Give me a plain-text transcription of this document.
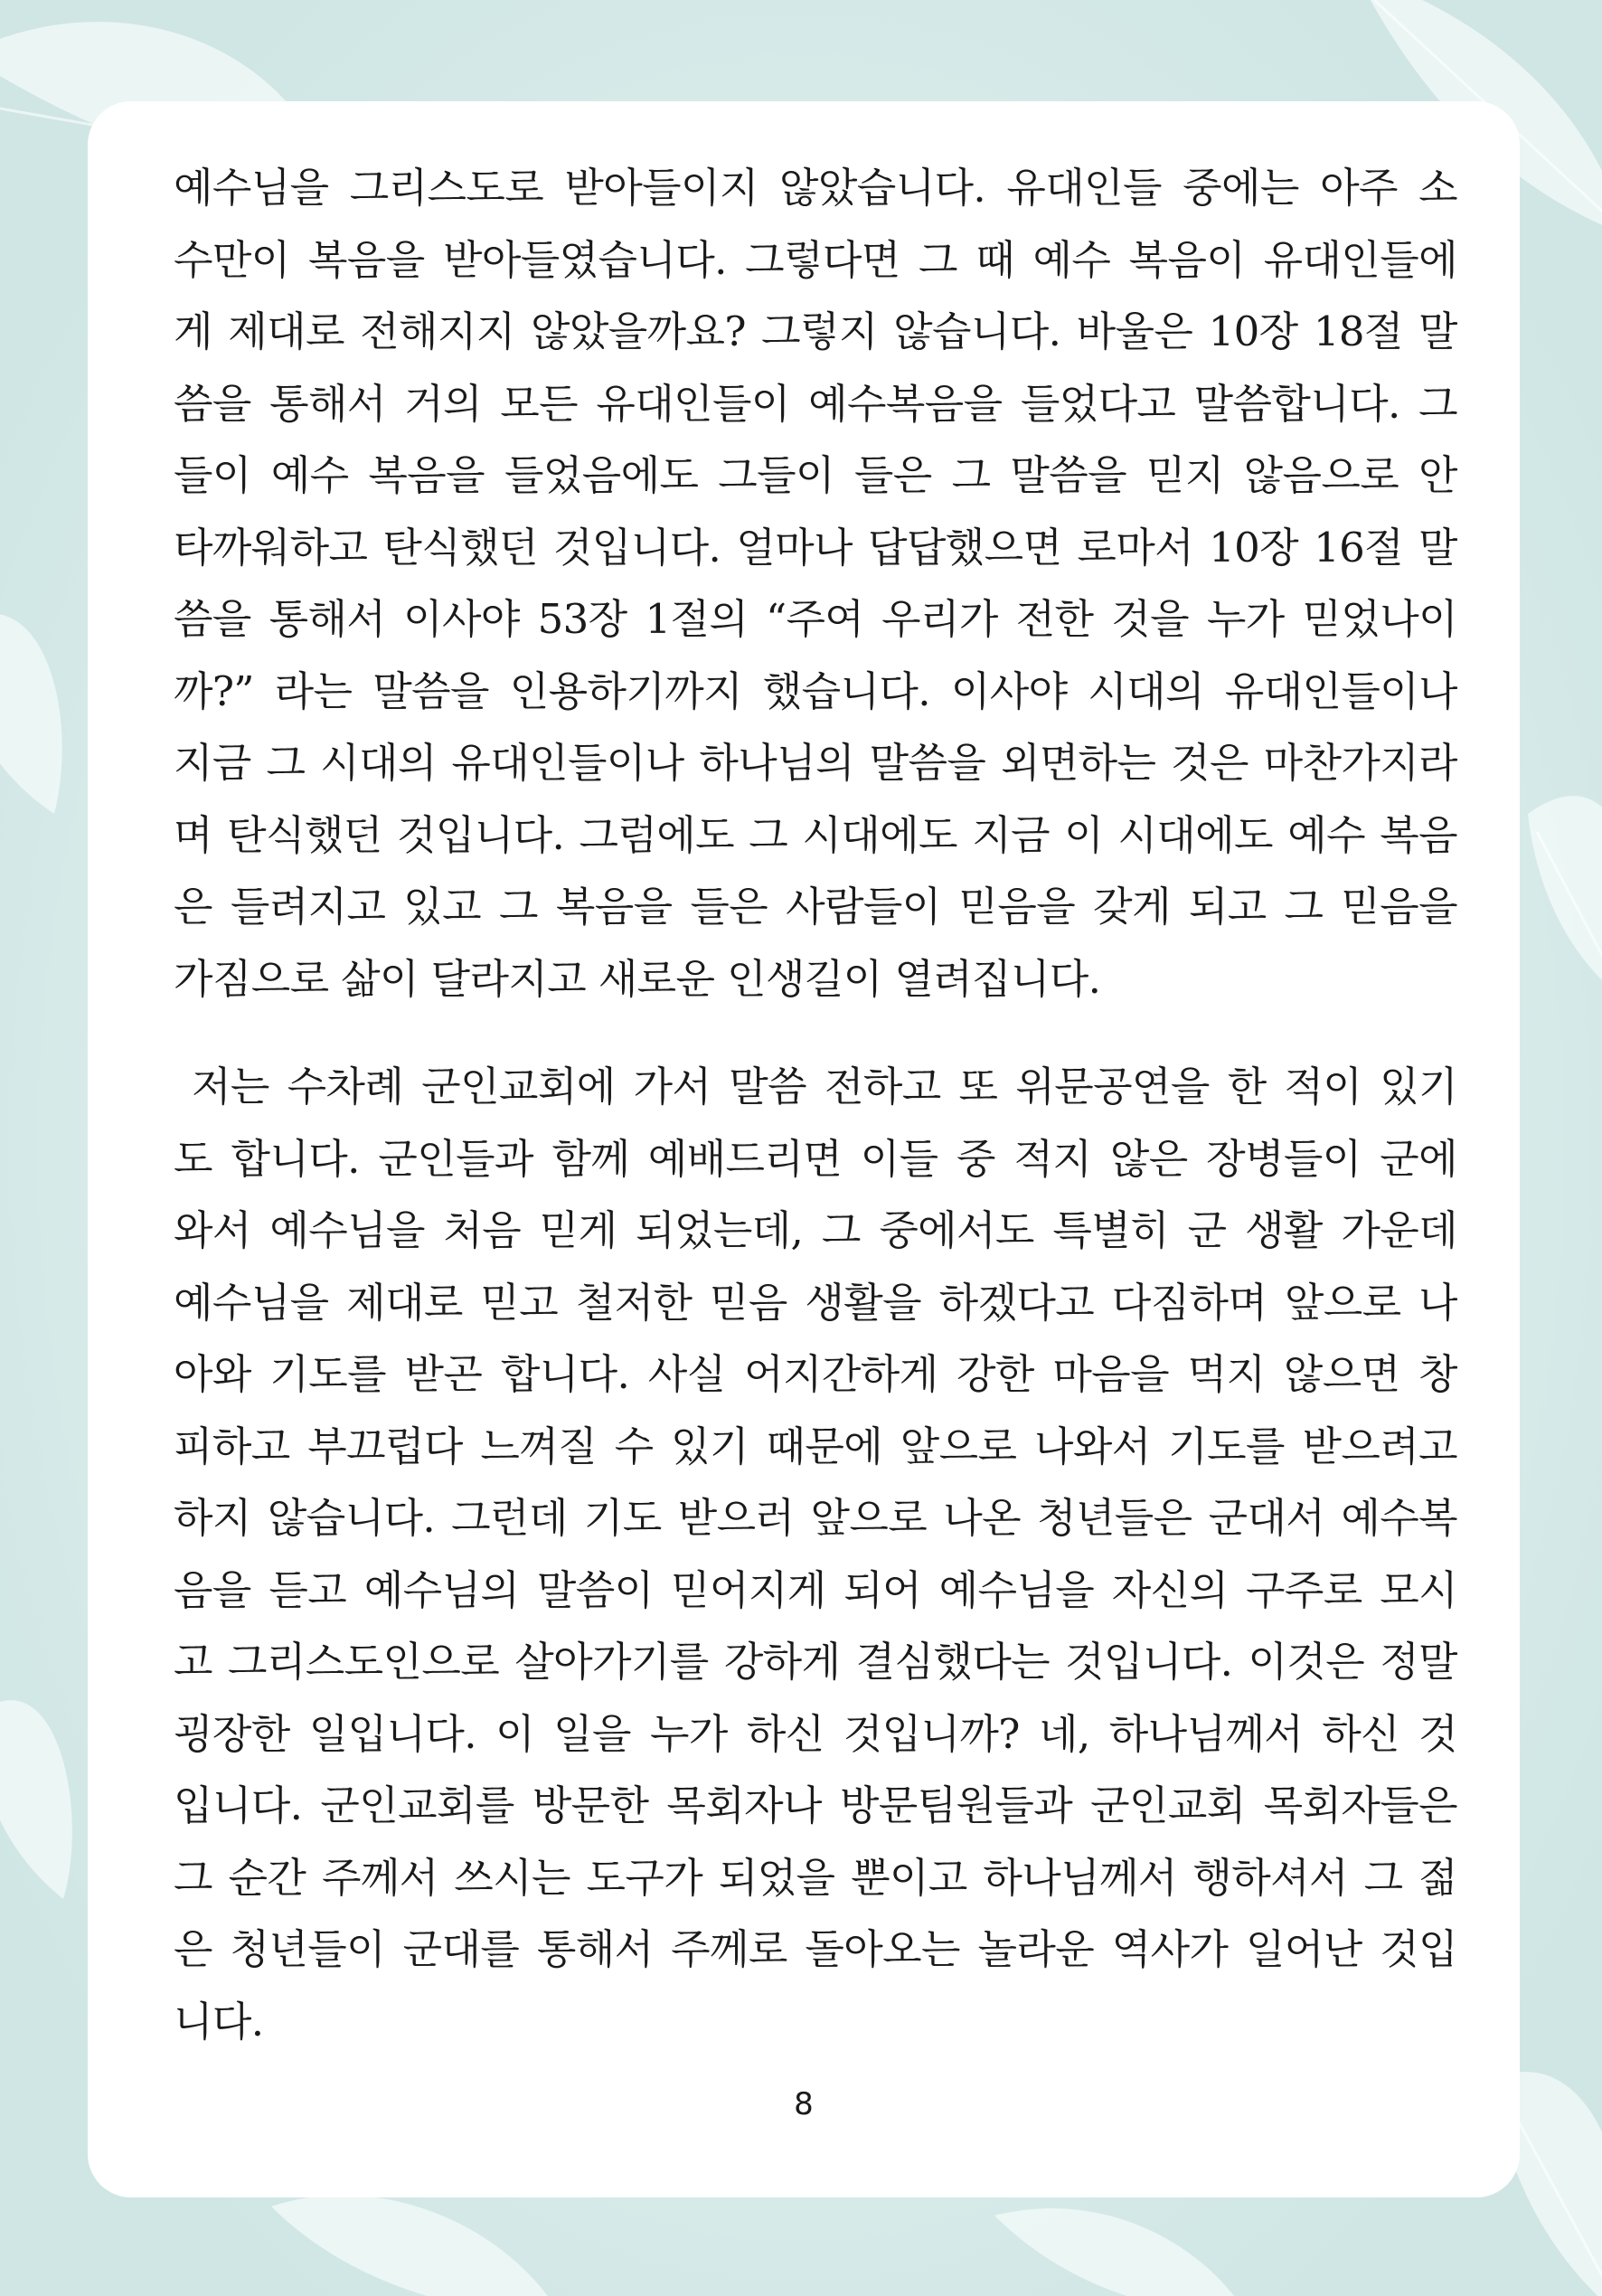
예수님을 그리스도로 받아들이지 않았습니다. 유대인들 중에는 아주 소
수만이 복음을 받아들였습니다. 그렇다면 그 때 예수 복음이 유대인들에
게 제대로 전해지지 않았을까요? 그렇지 않습니다. 바울은 10장 18절 말
씀을 통해서 거의 모든 유대인들이 예수복음을 들었다고 말씀합니다. 그
들이 예수 복음을 들었음에도 그들이 들은 그 말씀을 믿지 않음으로 안
타까워하고 탄식했던 것입니다. 얼마나 답답했으면 로마서 10장 16절 말
씀을 통해서 이사야 53장 1절의 “주여 우리가 전한 것을 누가 믿었나이
까?” 라는 말씀을 인용하기까지 했습니다. 이사야 시대의 유대인들이나
지금 그 시대의 유대인들이나 하나님의 말씀을 외면하는 것은 마찬가지라
며 탄식했던 것입니다. 그럼에도 그 시대에도 지금 이 시대에도 예수 복음
은 들려지고 있고 그 복음을 들은 사람들이 믿음을 갖게 되고 그 믿음을
가짐으로 삶이 달라지고 새로운 인생길이 열려집니다.
저는 수차례 군인교회에 가서 말씀 전하고 또 위문공연을 한 적이 있기
도 합니다. 군인들과 함께 예배드리면 이들 중 적지 않은 장병들이 군에
와서 예수님을 처음 믿게 되었는데, 그 중에서도 특별히 군 생활 가운데
예수님을 제대로 믿고 철저한 믿음 생활을 하겠다고 다짐하며 앞으로 나
아와 기도를 받곤 합니다. 사실 어지간하게 강한 마음을 먹지 않으면 창
피하고 부끄럽다 느껴질 수 있기 때문에 앞으로 나와서 기도를 받으려고
하지 않습니다. 그런데 기도 받으러 앞으로 나온 청년들은 군대서 예수복
음을 듣고 예수님의 말씀이 믿어지게 되어 예수님을 자신의 구주로 모시
고 그리스도인으로 살아가기를 강하게 결심했다는 것입니다. 이것은 정말
굉장한 일입니다. 이 일을 누가 하신 것입니까? 네, 하나님께서 하신 것
입니다. 군인교회를 방문한 목회자나 방문팀원들과 군인교회 목회자들은
그 순간 주께서 쓰시는 도구가 되었을 뿐이고 하나님께서 행하셔서 그 젊
은 청년들이 군대를 통해서 주께로 돌아오는 놀라운 역사가 일어난 것입
니다.
8
